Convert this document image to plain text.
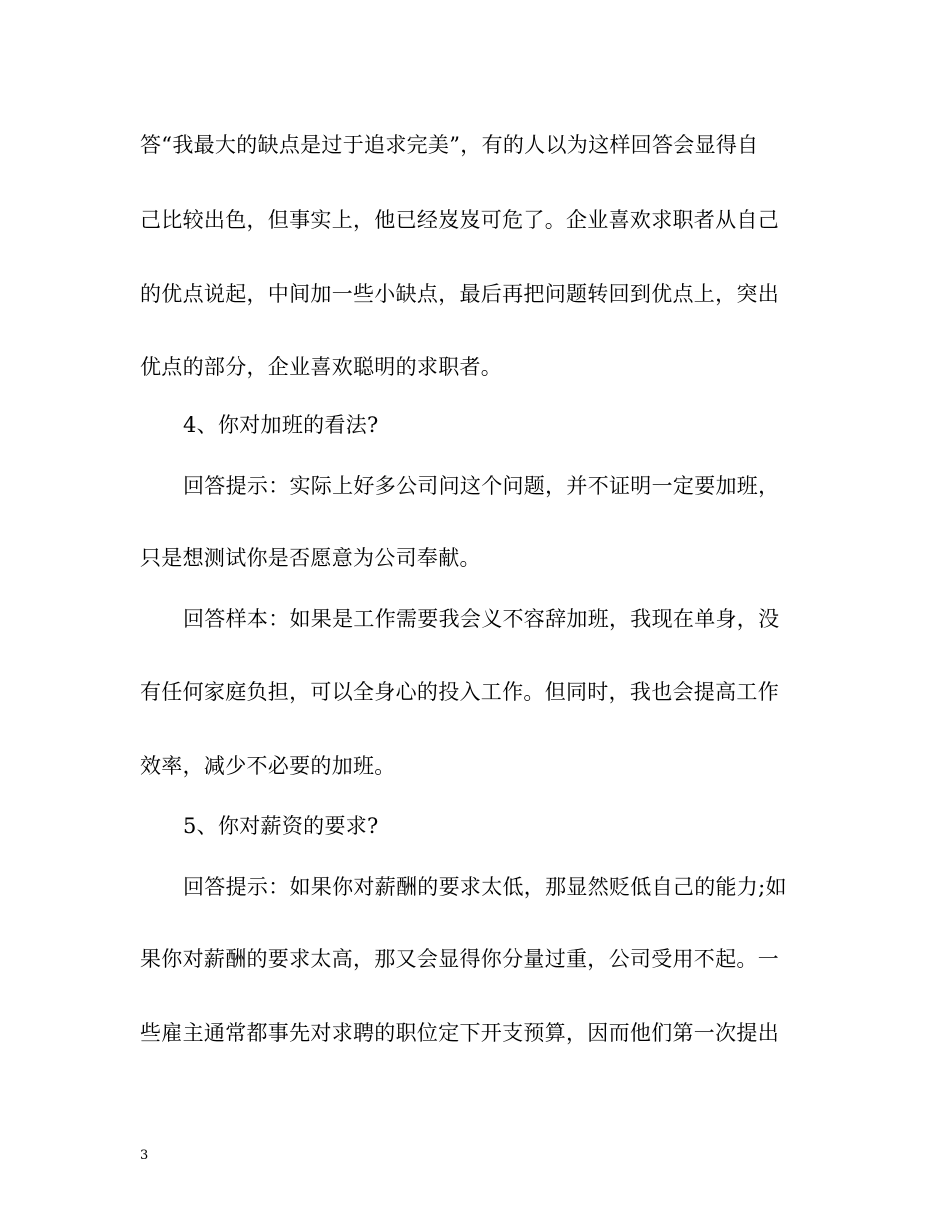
答“我最大的缺点是过于追求完美”，有的人以为这样回答会显得自
己比较出色，但事实上，他已经岌岌可危了。企业喜欢求职者从自己
的优点说起，中间加一些小缺点，最后再把问题转回到优点上，突出
优点的部分，企业喜欢聪明的求职者。
4、你对加班的看法?
回答提示：实际上好多公司问这个问题，并不证明一定要加班，
只是想测试你是否愿意为公司奉献。
回答样本：如果是工作需要我会义不容辞加班，我现在单身，没
有任何家庭负担，可以全身心的投入工作。但同时，我也会提高工作
效率，减少不必要的加班。
5、你对薪资的要求?
回答提示：如果你对薪酬的要求太低，那显然贬低自己的能力;如
果你对薪酬的要求太高，那又会显得你分量过重，公司受用不起。一
些雇主通常都事先对求聘的职位定下开支预算，因而他们第一次提出
3
